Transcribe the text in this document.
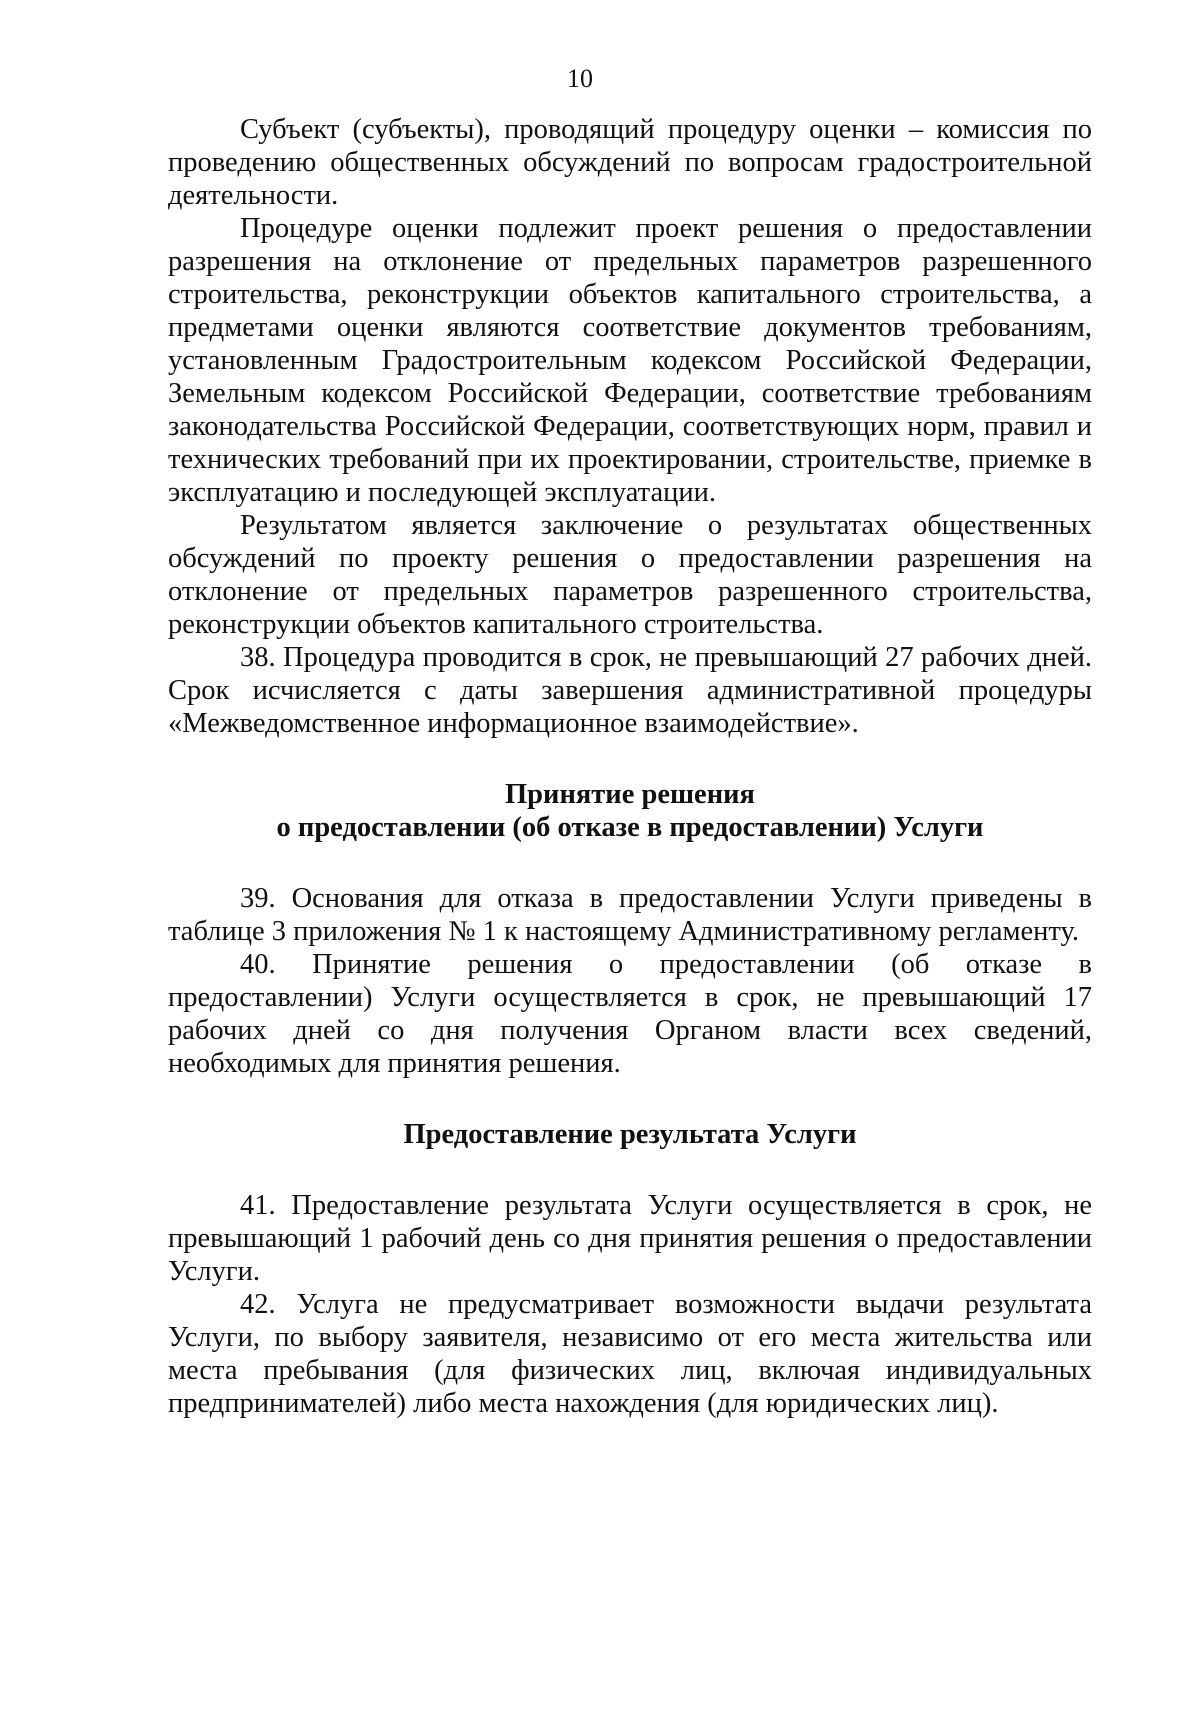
10

Субъект (субъекты), проводящий процедуру оценки – комиссия по проведению общественных обсуждений по вопросам градостроительной деятельности.

Процедуре оценки подлежит проект решения о предоставлении разрешения на отклонение от предельных параметров разрешенного строительства, реконструкции объектов капитального строительства, а предметами оценки являются соответствие документов требованиям, установленным Градостроительным кодексом Российской Федерации, Земельным кодексом Российской Федерации, соответствие требованиям законодательства Российской Федерации, соответствующих норм, правил и технических требований при их проектировании, строительстве, приемке в эксплуатацию и последующей эксплуатации.

Результатом является заключение о результатах общественных обсуждений по проекту решения о предоставлении разрешения на отклонение от предельных параметров разрешенного строительства, реконструкции объектов капитального строительства.

38. Процедура проводится в срок, не превышающий 27 рабочих дней. Срок исчисляется с даты завершения административной процедуры «Межведомственное информационное взаимодействие».

Принятие решения

о предоставлении (об отказе в предоставлении) Услуги

39. Основания для отказа в предоставлении Услуги приведены в таблице 3 приложения № 1 к настоящему Административному регламенту.

40. Принятие решения о предоставлении (об отказе в предоставлении) Услуги осуществляется в срок, не превышающий 17 рабочих дней со дня получения Органом власти всех сведений, необходимых для принятия решения.

Предоставление результата Услуги

41. Предоставление результата Услуги осуществляется в срок, не превышающий 1 рабочий день со дня принятия решения о предоставлении Услуги.

42. Услуга не предусматривает возможности выдачи результата Услуги, по выбору заявителя, независимо от его места жительства или места пребывания (для физических лиц, включая индивидуальных предпринимателей) либо места нахождения (для юридических лиц).
